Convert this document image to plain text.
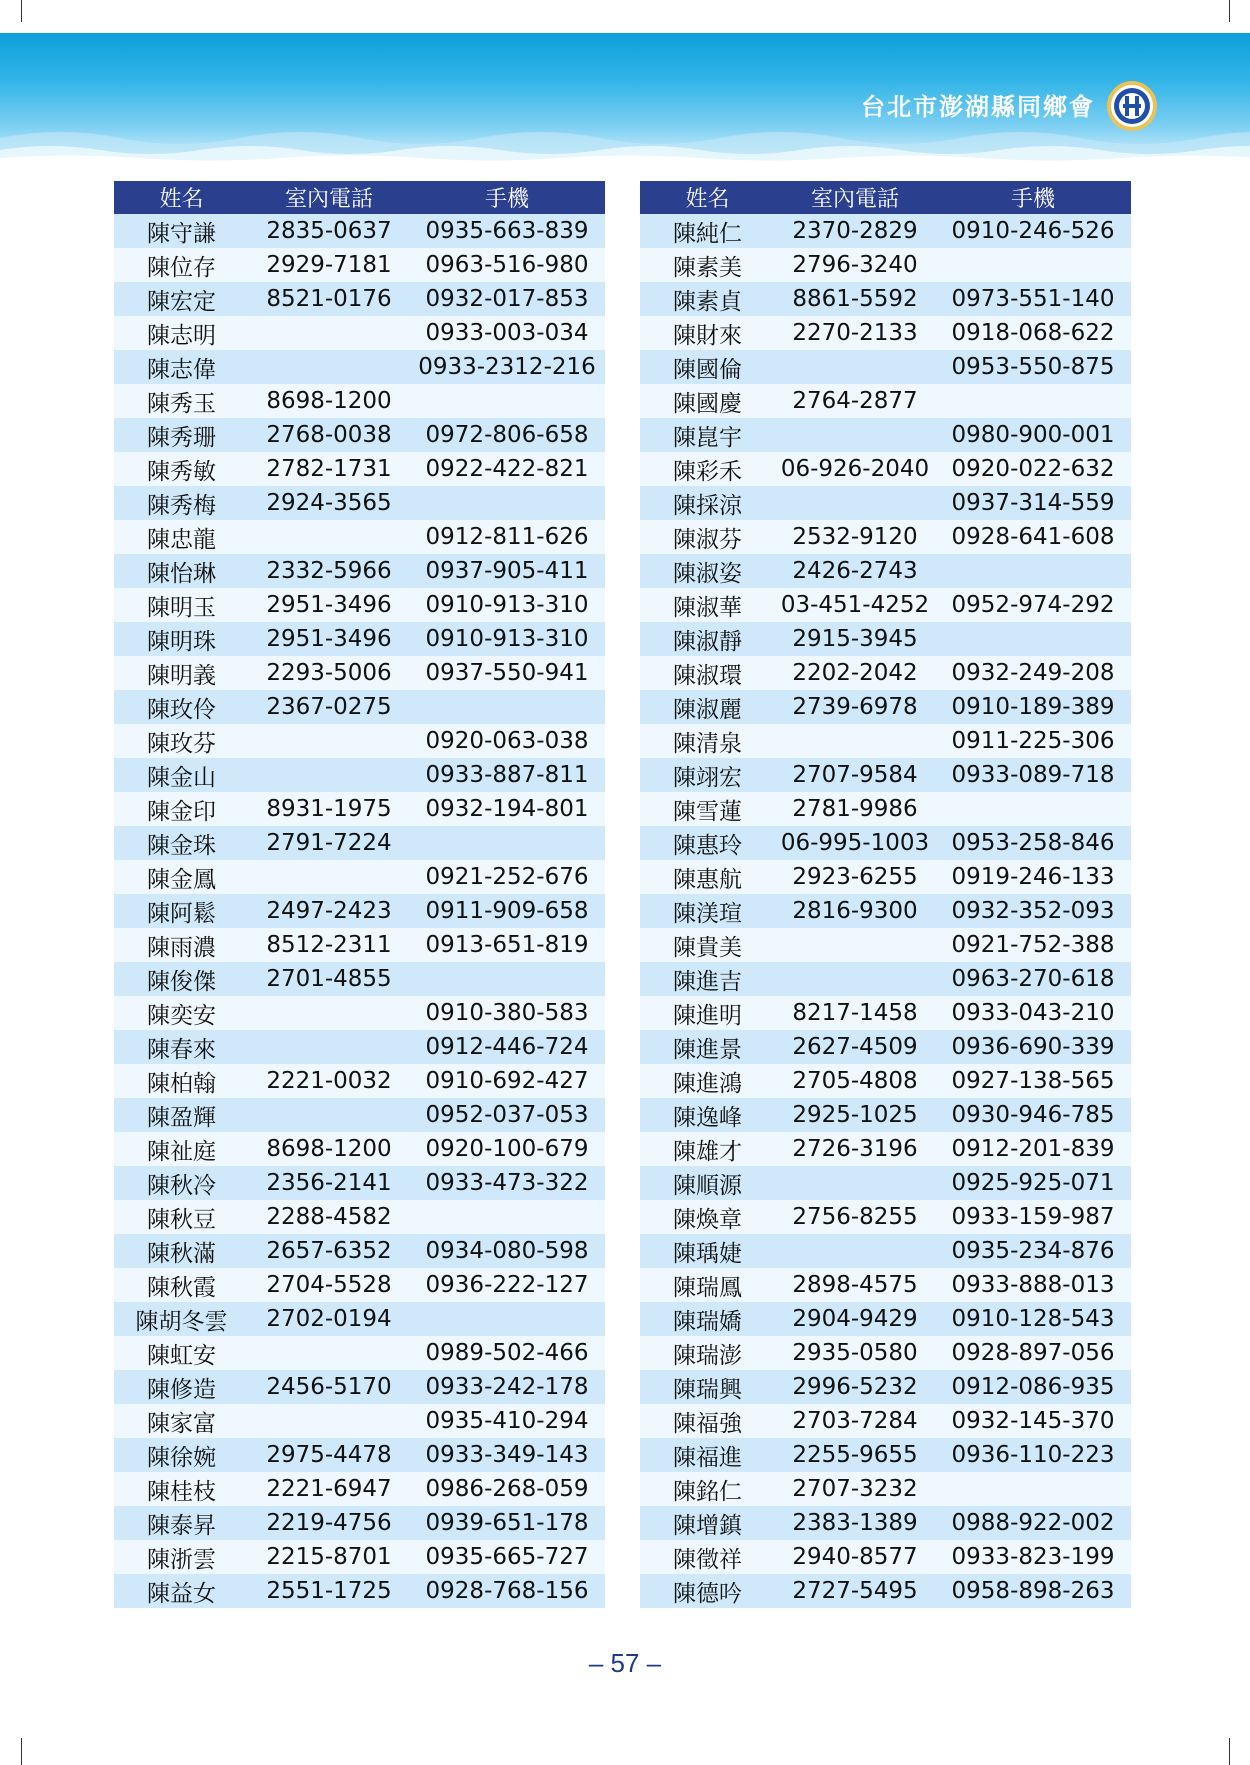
台北市澎湖縣同鄉會
姓名	室內電話	手機
陳守謙	2835-0637	0935-663-839
陳位存	2929-7181	0963-516-980
陳宏定	8521-0176	0932-017-853
陳志明		0933-003-034
陳志偉		0933-2312-216
陳秀玉	8698-1200	
陳秀珊	2768-0038	0972-806-658
陳秀敏	2782-1731	0922-422-821
陳秀梅	2924-3565	
陳忠龍		0912-811-626
陳怡琳	2332-5966	0937-905-411
陳明玉	2951-3496	0910-913-310
陳明珠	2951-3496	0910-913-310
陳明義	2293-5006	0937-550-941
陳玫伶	2367-0275	
陳玫芬		0920-063-038
陳金山		0933-887-811
陳金印	8931-1975	0932-194-801
陳金珠	2791-7224	
陳金鳳		0921-252-676
陳阿鬆	2497-2423	0911-909-658
陳雨濃	8512-2311	0913-651-819
陳俊傑	2701-4855	
陳奕安		0910-380-583
陳春來		0912-446-724
陳柏翰	2221-0032	0910-692-427
陳盈輝		0952-037-053
陳祉庭	8698-1200	0920-100-679
陳秋冷	2356-2141	0933-473-322
陳秋豆	2288-4582	
陳秋滿	2657-6352	0934-080-598
陳秋霞	2704-5528	0936-222-127
陳胡冬雲	2702-0194	
陳虹安		0989-502-466
陳修造	2456-5170	0933-242-178
陳家富		0935-410-294
陳徐婉	2975-4478	0933-349-143
陳桂枝	2221-6947	0986-268-059
陳泰昇	2219-4756	0939-651-178
陳浙雲	2215-8701	0935-665-727
陳益女	2551-1725	0928-768-156
姓名	室內電話	手機
陳純仁	2370-2829	0910-246-526
陳素美	2796-3240	
陳素貞	8861-5592	0973-551-140
陳財來	2270-2133	0918-068-622
陳國倫		0953-550-875
陳國慶	2764-2877	
陳崑宇		0980-900-001
陳彩禾	06-926-2040	0920-022-632
陳採涼		0937-314-559
陳淑芬	2532-9120	0928-641-608
陳淑姿	2426-2743	
陳淑華	03-451-4252	0952-974-292
陳淑靜	2915-3945	
陳淑環	2202-2042	0932-249-208
陳淑麗	2739-6978	0910-189-389
陳清泉		0911-225-306
陳翊宏	2707-9584	0933-089-718
陳雪蓮	2781-9986	
陳惠玲	06-995-1003	0953-258-846
陳惠航	2923-6255	0919-246-133
陳渼瑄	2816-9300	0932-352-093
陳貴美		0921-752-388
陳進吉		0963-270-618
陳進明	8217-1458	0933-043-210
陳進景	2627-4509	0936-690-339
陳進鴻	2705-4808	0927-138-565
陳逸峰	2925-1025	0930-946-785
陳雄才	2726-3196	0912-201-839
陳順源		0925-925-071
陳煥章	2756-8255	0933-159-987
陳瑀婕		0935-234-876
陳瑞鳳	2898-4575	0933-888-013
陳瑞嬌	2904-9429	0910-128-543
陳瑞澎	2935-0580	0928-897-056
陳瑞興	2996-5232	0912-086-935
陳福強	2703-7284	0932-145-370
陳福進	2255-9655	0936-110-223
陳銘仁	2707-3232	
陳增鎮	2383-1389	0988-922-002
陳徵祥	2940-8577	0933-823-199
陳德吟	2727-5495	0958-898-263
– 57 –
